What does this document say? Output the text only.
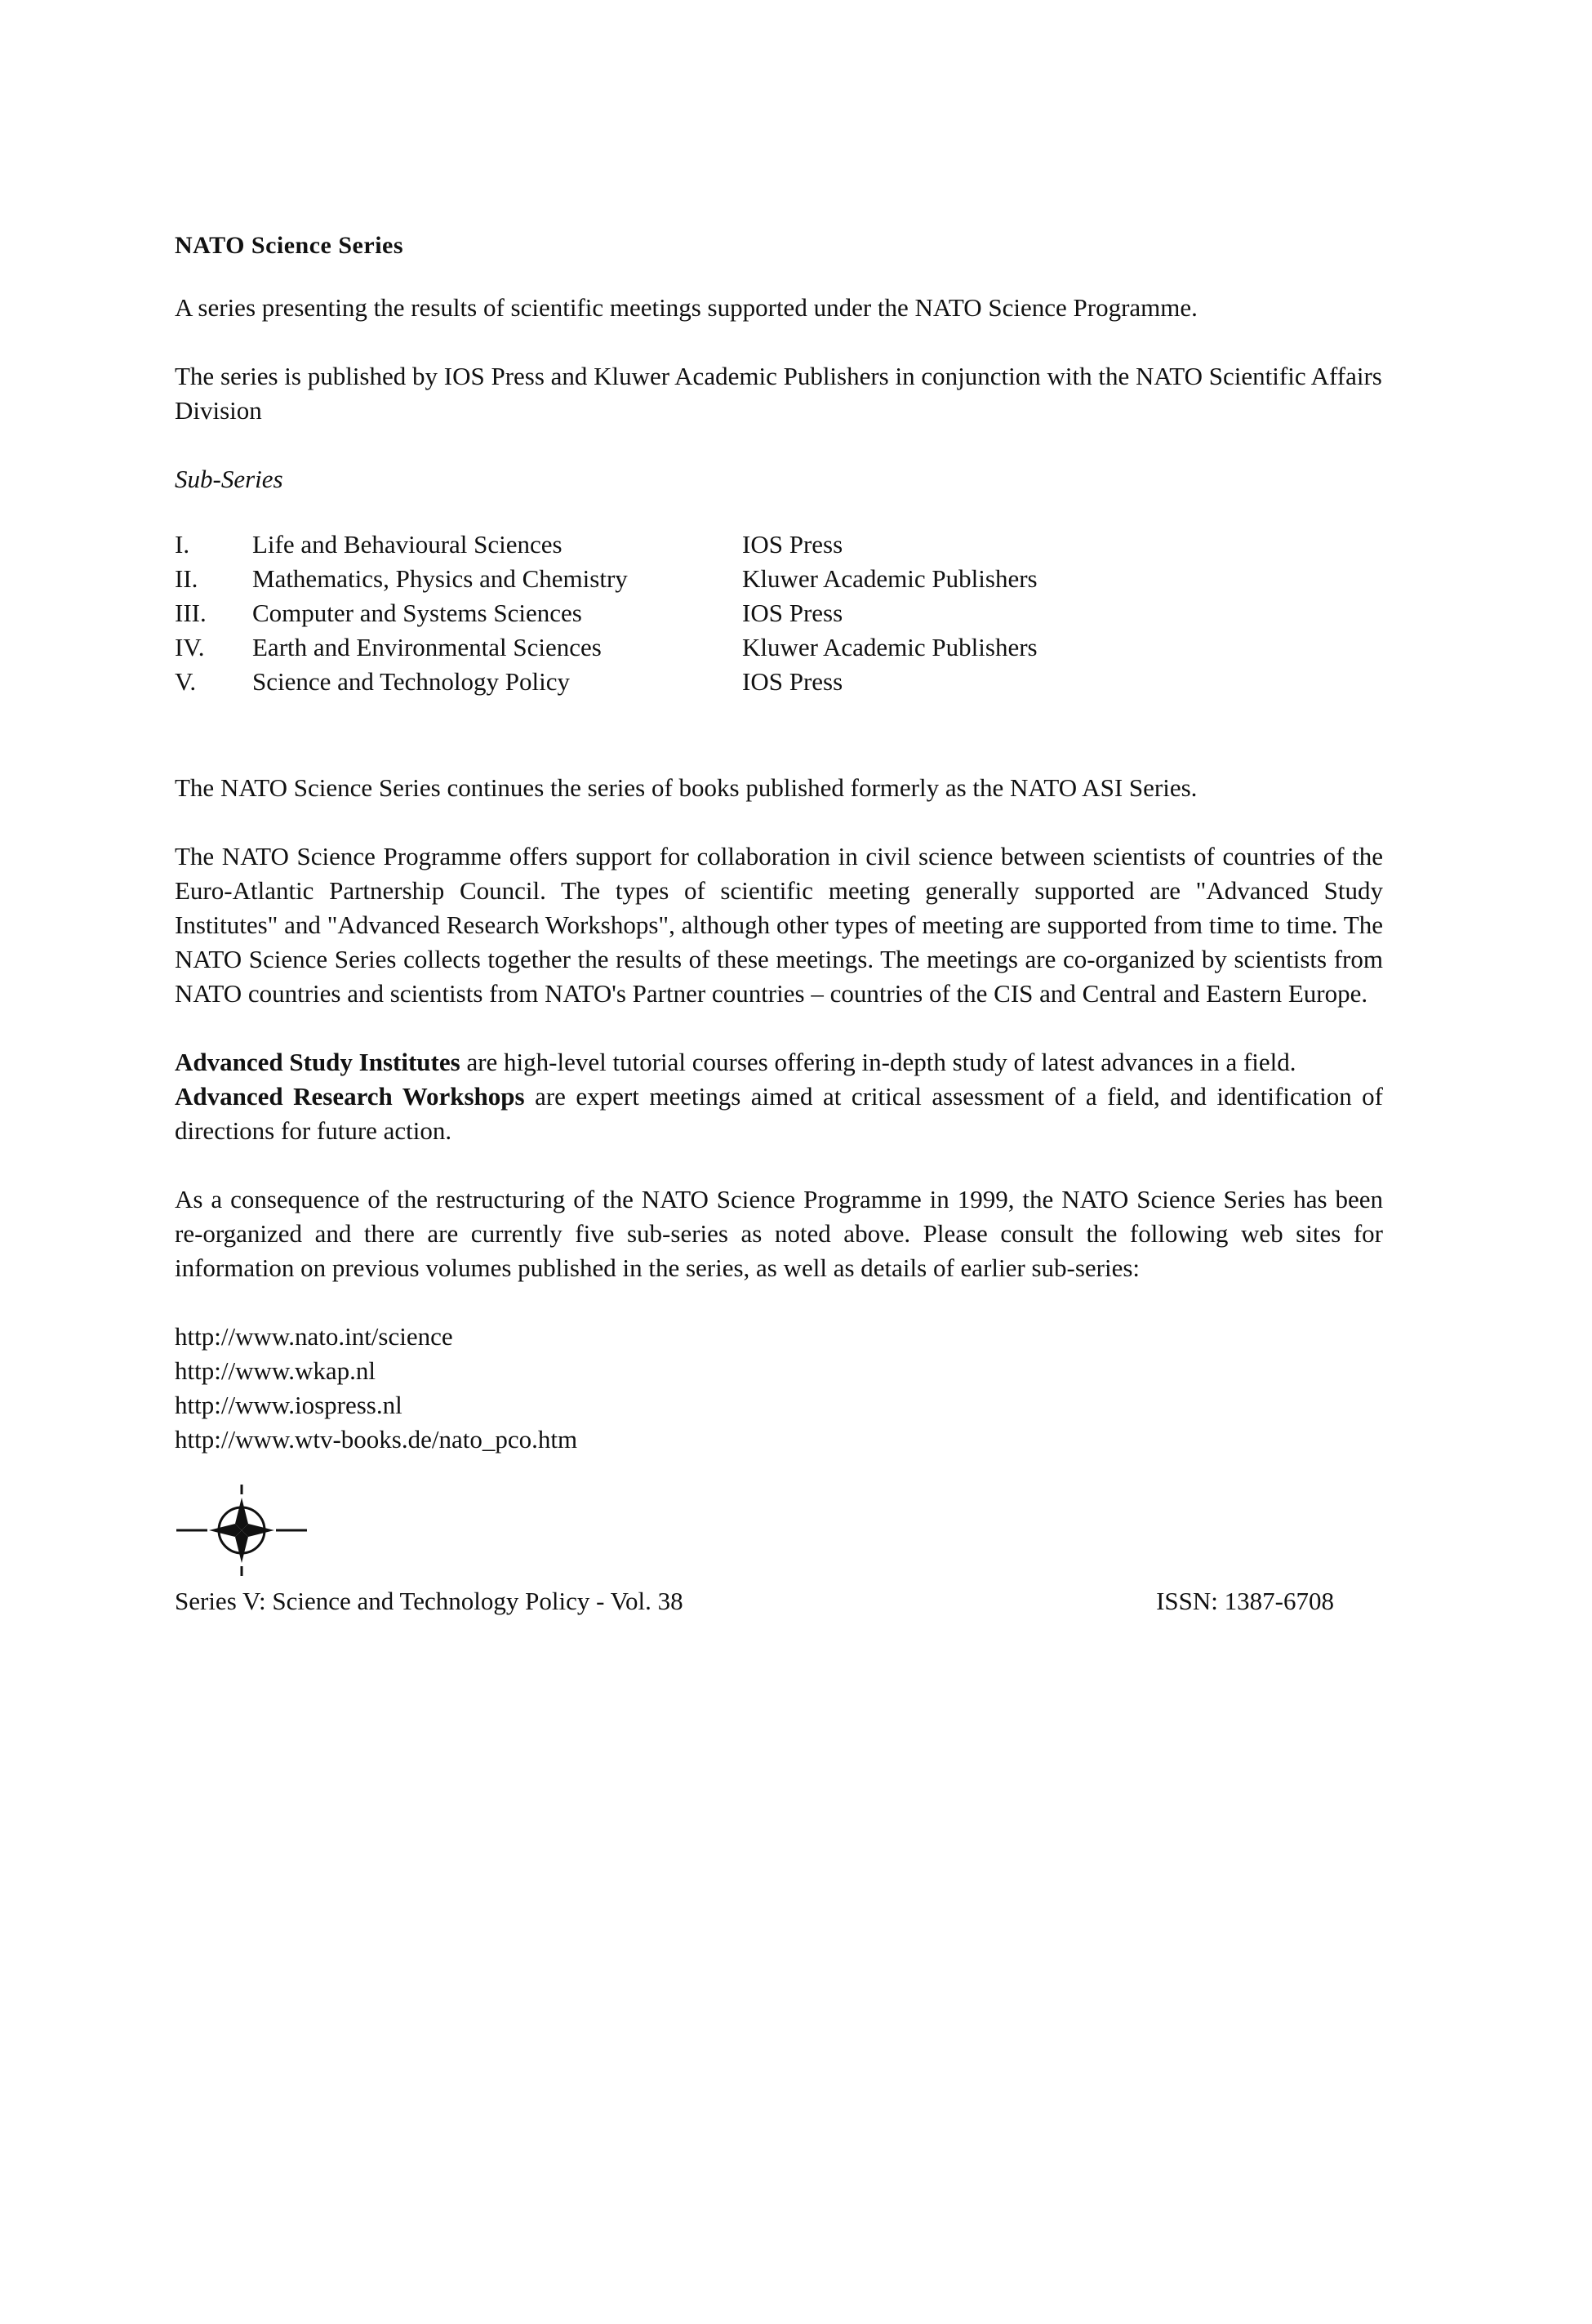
NATO Science Series

A series presenting the results of scientific meetings supported under the NATO Science Programme.

The series is published by IOS Press and Kluwer Academic Publishers in conjunction with the NATO Scientific Affairs Division

Sub-Series
I.	Life and Behavioural Sciences	IOS Press
II.	Mathematics, Physics and Chemistry	Kluwer Academic Publishers
III.	Computer and Systems Sciences	IOS Press
IV.	Earth and Environmental Sciences	Kluwer Academic Publishers
V.	Science and Technology Policy	IOS Press

The NATO Science Series continues the series of books published formerly as the NATO ASI Series.

The NATO Science Programme offers support for collaboration in civil science between scientists of countries of the Euro-Atlantic Partnership Council. The types of scientific meeting generally supported are "Advanced Study Institutes" and "Advanced Research Workshops", although other types of meeting are supported from time to time. The NATO Science Series collects together the results of these meetings. The meetings are co-organized by scientists from NATO countries and scientists from NATO's Partner countries – countries of the CIS and Central and Eastern Europe.

Advanced Study Institutes are high-level tutorial courses offering in-depth study of latest advances in a field.

Advanced Research Workshops are expert meetings aimed at critical assessment of a field, and identification of directions for future action.

As a consequence of the restructuring of the NATO Science Programme in 1999, the NATO Science Series has been re-organized and there are currently five sub-series as noted above. Please consult the following web sites for information on previous volumes published in the series, as well as details of earlier sub-series:

http://www.nato.int/science
http://www.wkap.nl
http://www.iospress.nl
http://www.wtv-books.de/nato_pco.htm
Series V: Science and Technology Policy - Vol. 38	ISSN: 1387-6708
